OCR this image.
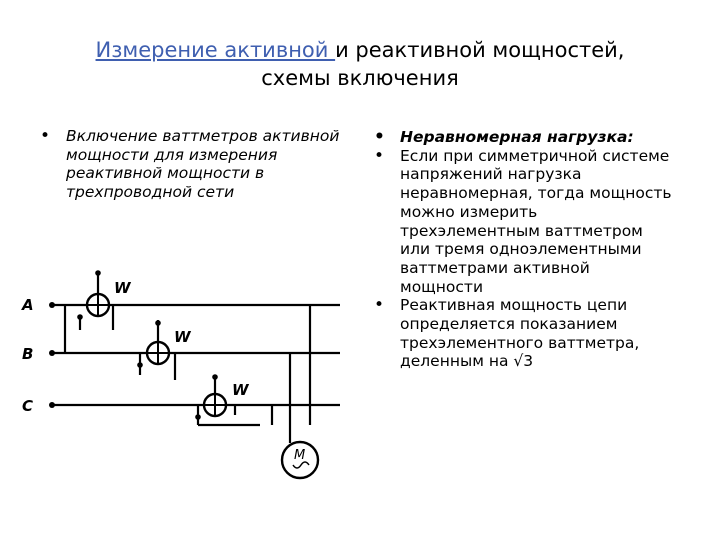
Измерение активной и реактивной мощностей,
схемы включения
• Включение ваттметров активной мощности для измерения реактивной мощности в трехпроводной сети
• Неравномерная нагрузка:
• Если при симметричной системе напряжений нагрузка неравномерная, тогда мощность можно измерить трехэлементным ваттметром или тремя одноэлементными ваттметрами активной мощности
• Реактивная мощность цепи определяется показанием трехэлементного ваттметра, деленным на √3
M
A
B
C
W
W
W
